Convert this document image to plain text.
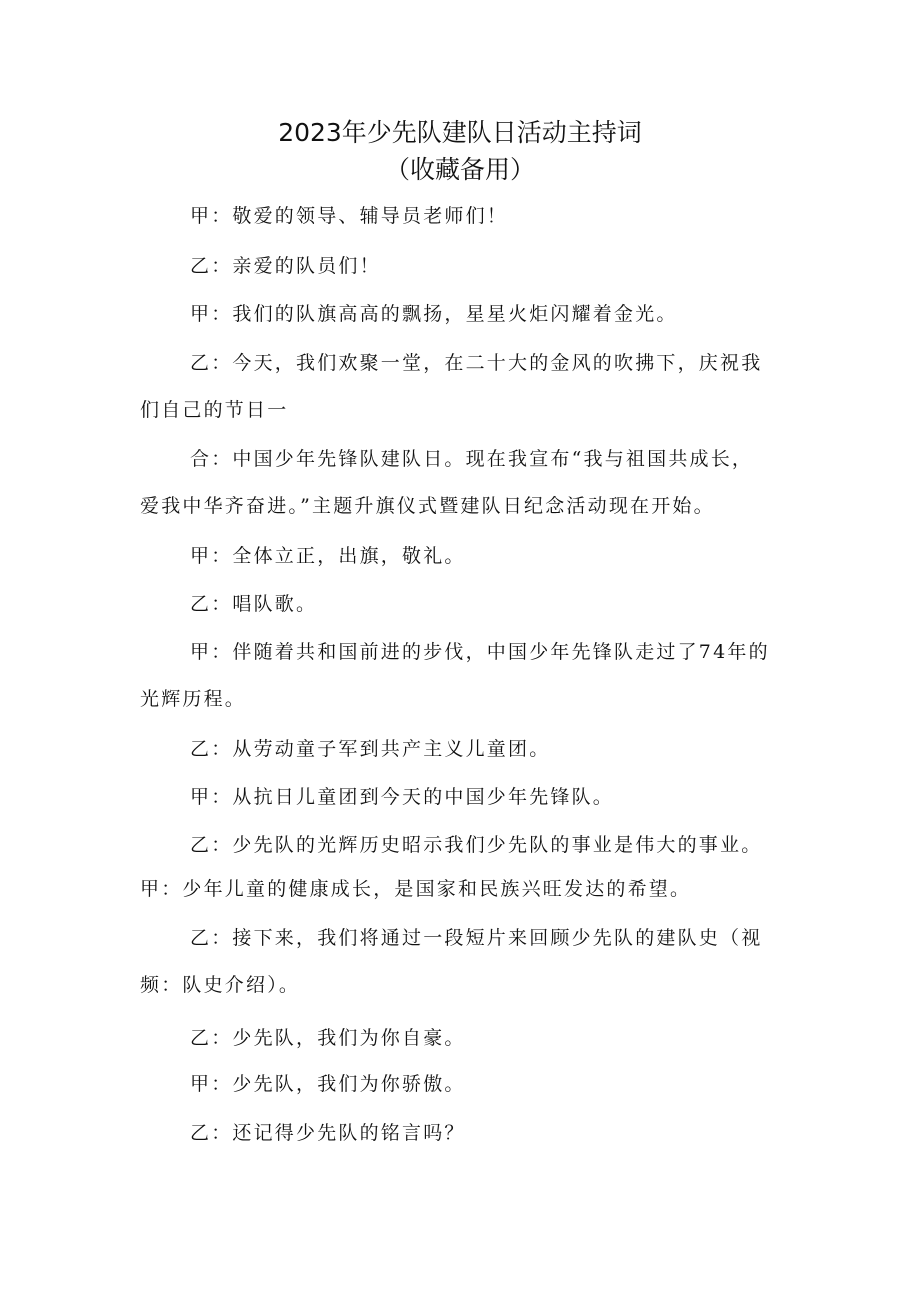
2023年少先队建队日活动主持词
（收藏备用）
甲：敬爱的领导、辅导员老师们！
乙：亲爱的队员们！
甲：我们的队旗高高的飘扬，星星火炬闪耀着金光。
乙：今天，我们欢聚一堂，在二十大的金风的吹拂下，庆祝我
们自己的节日一
合：中国少年先锋队建队日。现在我宣布“我与祖国共成长，
爱我中华齐奋进。”主题升旗仪式暨建队日纪念活动现在开始。
甲：全体立正，出旗，敬礼。
乙：唱队歌。
甲：伴随着共和国前进的步伐，中国少年先锋队走过了74年的
光辉历程。
乙：从劳动童子军到共产主义儿童团。
甲：从抗日儿童团到今天的中国少年先锋队。
乙：少先队的光辉历史昭示我们少先队的事业是伟大的事业。
甲：少年儿童的健康成长，是国家和民族兴旺发达的希望。
乙：接下来，我们将通过一段短片来回顾少先队的建队史（视
频：队史介绍）。
乙：少先队，我们为你自豪。
甲：少先队，我们为你骄傲。
乙：还记得少先队的铭言吗？
